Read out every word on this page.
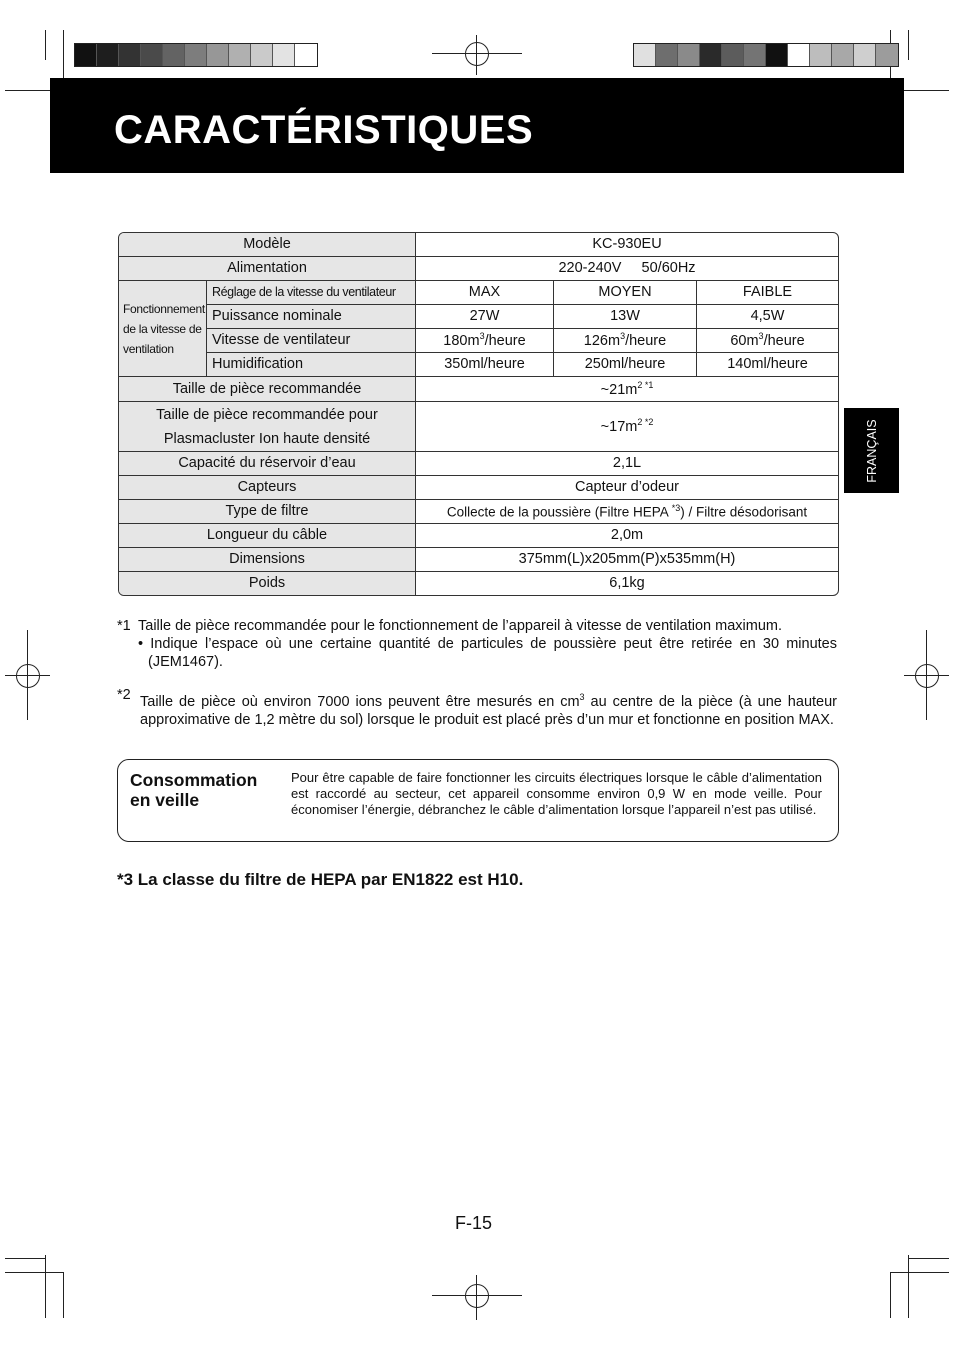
CARACTÉRISTIQUES
FRANÇAIS
Modèle		KC-930EU		
Alimentation		220-240V 50/60Hz		
Fonctionnement
de la vitesse de
ventilation	Réglage de la vitesse du ventilateur	MAX	MOYEN	FAIBLE
	Puissance nominale	27W	13W	4,5W
	Vitesse de ventilateur	$180m^3$/heure	$126m^3$/heure	$60m^3$/heure
	Humidification	350ml/heure	250ml/heure	140ml/heure
Taille de pièce recommandée		$\sim 21m^{2 *1}$
Taille de pièce recommandée pour
Plasmacluster Ion haute densité		$\sim 17m^{2 *2}$
Capacité du réservoir d’eau		2,1L		
Capteurs		Capteur d’odeur		
Type de filtre		Collecte de la poussière (Filtre HEPA $^{*3}$) / Filtre désodorisant		
Longueur du câble		2,0m		
Dimensions		375mm(L)x205mm(P)x535mm(H)		
Poids		6,1kg		
*1 Taille de pièce recommandée pour le fonctionnement de l’appareil à vitesse de ventilation maximum.
• Indique l’espace où une certaine quantité de particules de poussière peut être retirée en 30 minutes (JEM1467).
*2 Taille de pièce où environ 7000 ions peuvent être mesurés en $cm^3$ au centre de la pièce (à une hauteur approximative de 1,2 mètre du sol) lorsque le produit est placé près d’un mur et fonctionne en position MAX.
Consommation
en veille
Pour être capable de faire fonctionner les circuits électriques lorsque le câble d’alimentation est raccordé au secteur, cet appareil consomme environ 0,9 W en mode veille. Pour économiser l’énergie, débranchez le câble d’alimentation lorsque l’appareil n’est pas utilisé.
*3 La classe du filtre de HEPA par EN1822 est H10.
F-15
